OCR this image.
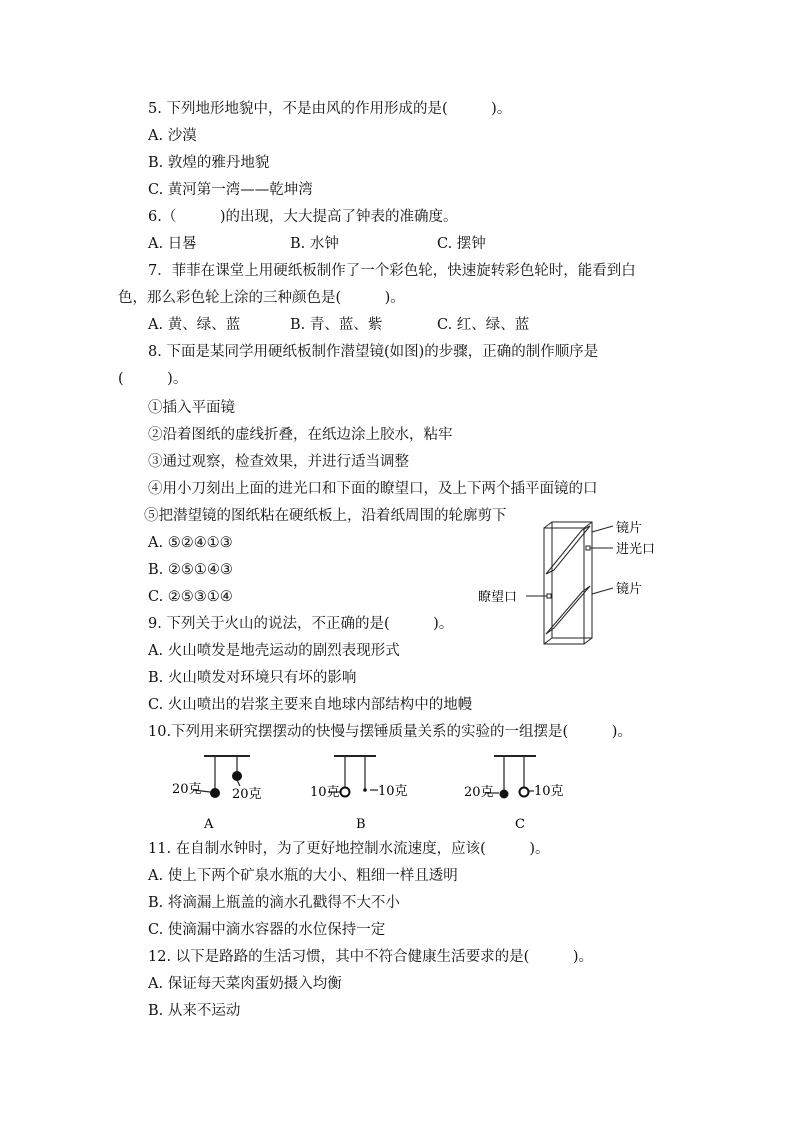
5. 下列地形地貌中，不是由风的作用形成的是(　　　)。
A. 沙漠
B. 敦煌的雅丹地貌
C. 黄河第一湾——乾坤湾
6.（　　　)的出现，大大提高了钟表的准确度。
A. 日晷	B. 水钟	C. 摆钟
7．菲菲在课堂上用硬纸板制作了一个彩色轮，快速旋转彩色轮时，能看到白
色，那么彩色轮上涂的三种颜色是(　　　)。
A. 黄、绿、蓝	B. 青、蓝、紫	C. 红、绿、蓝
8. 下面是某同学用硬纸板制作潜望镜(如图)的步骤，正确的制作顺序是
(　　　)。
①插入平面镜
②沿着图纸的虚线折叠，在纸边涂上胶水，粘牢
③通过观察，检查效果，并进行适当调整
④用小刀刻出上面的进光口和下面的瞭望口，及上下两个插平面镜的口
⑤把潜望镜的图纸粘在硬纸板上，沿着纸周围的轮廓剪下
A. ⑤②④①③
B. ②⑤①④③
C. ②⑤③①④
镜片
进光口
镜片
瞭望口
9. 下列关于火山的说法，不正确的是(　　　)。
A. 火山喷发是地壳运动的剧烈表现形式
B. 火山喷发对环境只有坏的影响
C. 火山喷出的岩浆主要来自地球内部结构中的地幔
10.下列用来研究摆摆动的快慢与摆锤质量关系的实验的一组摆是(　　　)。
20克 20克
A
10克	10克
B
20克	10克
C
11. 在自制水钟时，为了更好地控制水流速度，应该(　　　)。
A. 使上下两个矿泉水瓶的大小、粗细一样且透明
B. 将滴漏上瓶盖的滴水孔戳得不大不小
C. 使滴漏中滴水容器的水位保持一定
12. 以下是路路的生活习惯，其中不符合健康生活要求的是(　　　)。
A. 保证每天菜肉蛋奶摄入均衡
B. 从来不运动
